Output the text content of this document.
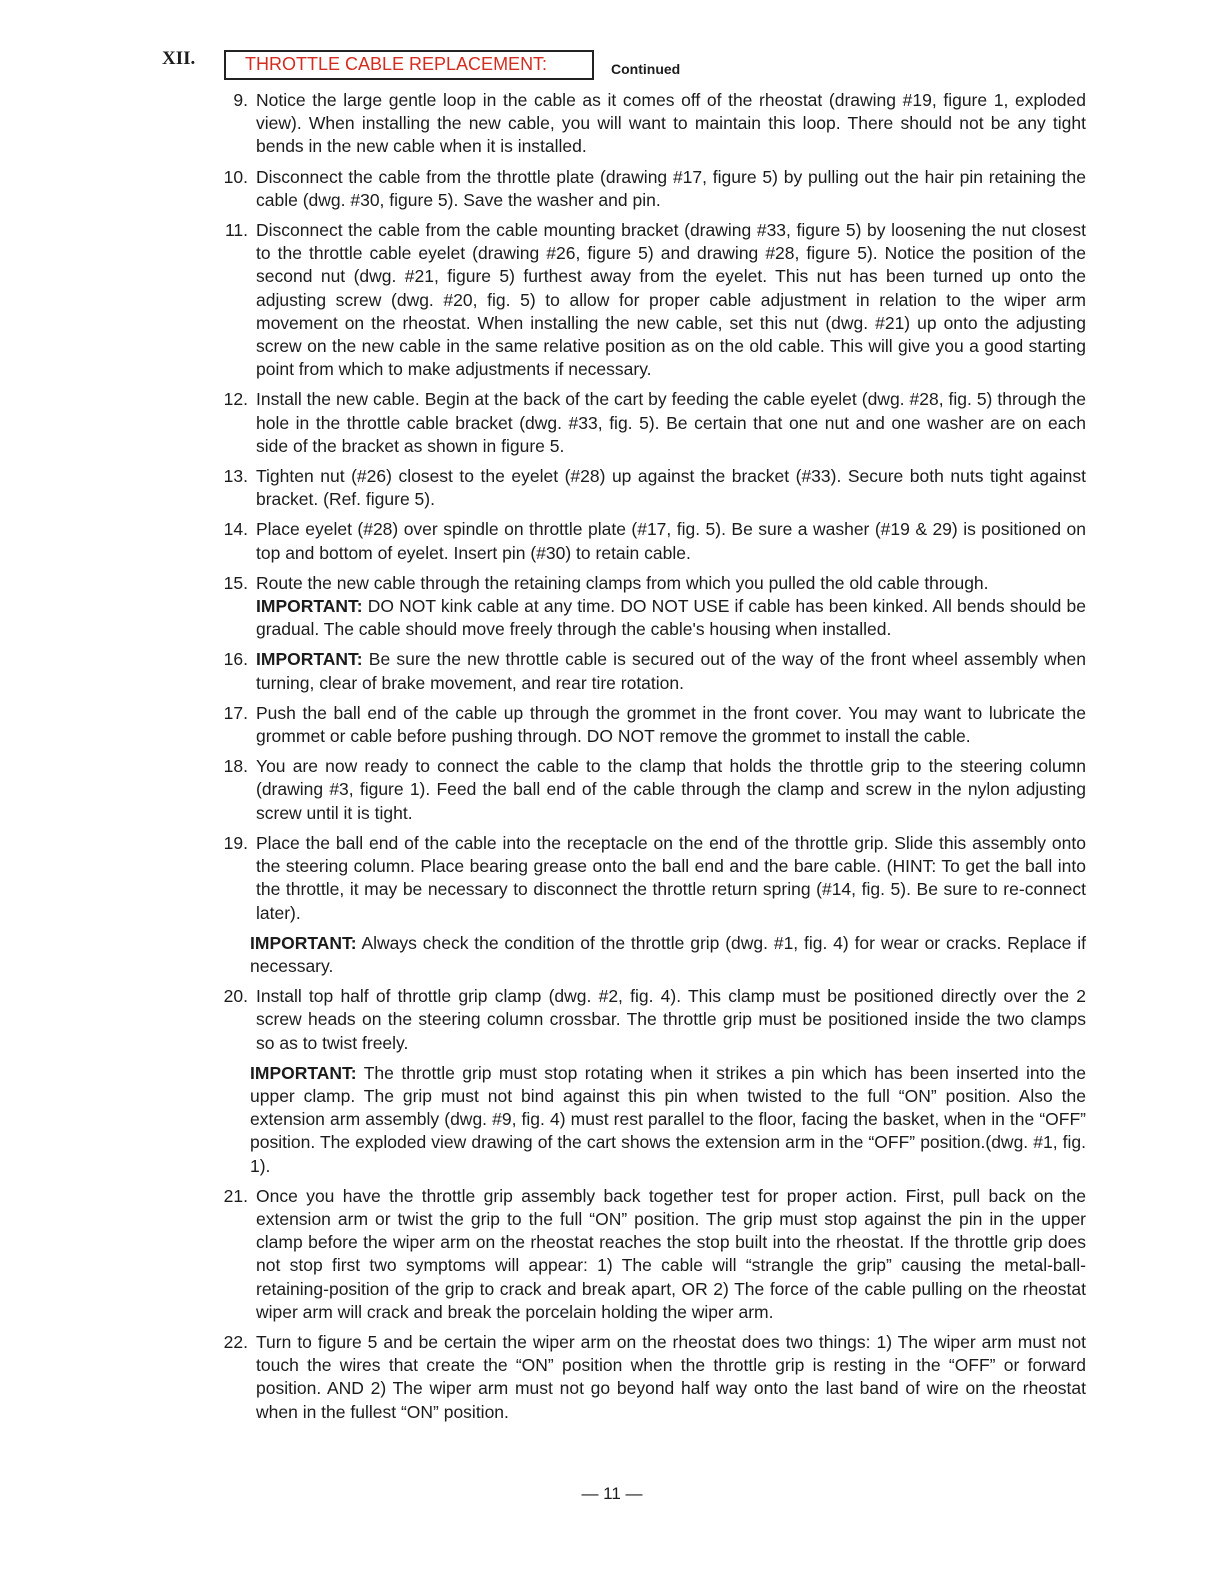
XII.	THROTTLE CABLE REPLACEMENT:	Continued
9. Notice the large gentle loop in the cable as it comes off of the rheostat (drawing #19, figure 1, exploded view). When installing the new cable, you will want to maintain this loop. There should not be any tight bends in the new cable when it is installed.
10. Disconnect the cable from the throttle plate (drawing #17, figure 5) by pulling out the hair pin retaining the cable (dwg. #30, figure 5). Save the washer and pin.
11. Disconnect the cable from the cable mounting bracket (drawing #33, figure 5) by loosening the nut closest to the throttle cable eyelet (drawing #26, figure 5) and drawing #28, figure 5). Notice the position of the second nut (dwg. #21, figure 5) furthest away from the eyelet. This nut has been turned up onto the adjusting screw (dwg. #20, fig. 5) to allow for proper cable adjustment in relation to the wiper arm movement on the rheostat. When installing the new cable, set this nut (dwg. #21) up onto the adjusting screw on the new cable in the same relative position as on the old cable. This will give you a good starting point from which to make adjustments if necessary.
12. Install the new cable. Begin at the back of the cart by feeding the cable eyelet (dwg. #28, fig. 5) through the hole in the throttle cable bracket (dwg. #33, fig. 5). Be certain that one nut and one washer are on each side of the bracket as shown in figure 5.
13. Tighten nut (#26) closest to the eyelet (#28) up against the bracket (#33). Secure both nuts tight against bracket. (Ref. figure 5).
14. Place eyelet (#28) over spindle on throttle plate (#17, fig. 5). Be sure a washer (#19 & 29) is positioned on top and bottom of eyelet. Insert pin (#30) to retain cable.
15. Route the new cable through the retaining clamps from which you pulled the old cable through.
IMPORTANT: DO NOT kink cable at any time. DO NOT USE if cable has been kinked. All bends should be gradual. The cable should move freely through the cable's housing when installed.
16. IMPORTANT: Be sure the new throttle cable is secured out of the way of the front wheel assembly when turning, clear of brake movement, and rear tire rotation.
17. Push the ball end of the cable up through the grommet in the front cover. You may want to lubricate the grommet or cable before pushing through. DO NOT remove the grommet to install the cable.
18. You are now ready to connect the cable to the clamp that holds the throttle grip to the steering column (drawing #3, figure 1). Feed the ball end of the cable through the clamp and screw in the nylon adjusting screw until it is tight.
19. Place the ball end of the cable into the receptacle on the end of the throttle grip. Slide this assembly onto the steering column. Place bearing grease onto the ball end and the bare cable. (HINT: To get the ball into the throttle, it may be necessary to disconnect the throttle return spring (#14, fig. 5). Be sure to re-connect later).
IMPORTANT: Always check the condition of the throttle grip (dwg. #1, fig. 4) for wear or cracks. Replace if necessary.
20. Install top half of throttle grip clamp (dwg. #2, fig. 4). This clamp must be positioned directly over the 2 screw heads on the steering column crossbar. The throttle grip must be positioned inside the two clamps so as to twist freely.
IMPORTANT: The throttle grip must stop rotating when it strikes a pin which has been inserted into the upper clamp. The grip must not bind against this pin when twisted to the full “ON” position. Also the extension arm assembly (dwg. #9, fig. 4) must rest parallel to the floor, facing the basket, when in the “OFF” position. The exploded view drawing of the cart shows the extension arm in the “OFF” position.(dwg. #1, fig. 1).
21. Once you have the throttle grip assembly back together test for proper action. First, pull back on the extension arm or twist the grip to the full “ON” position. The grip must stop against the pin in the upper clamp before the wiper arm on the rheostat reaches the stop built into the rheostat. If the throttle grip does not stop first two symptoms will appear: 1) The cable will “strangle the grip” causing the metal-ball-retaining-position of the grip to crack and break apart, OR 2) The force of the cable pulling on the rheostat wiper arm will crack and break the porcelain holding the wiper arm.
22. Turn to figure 5 and be certain the wiper arm on the rheostat does two things: 1) The wiper arm must not touch the wires that create the “ON” position when the throttle grip is resting in the “OFF” or forward position. AND 2) The wiper arm must not go beyond half way onto the last band of wire on the rheostat when in the fullest “ON” position.
— 11 —
